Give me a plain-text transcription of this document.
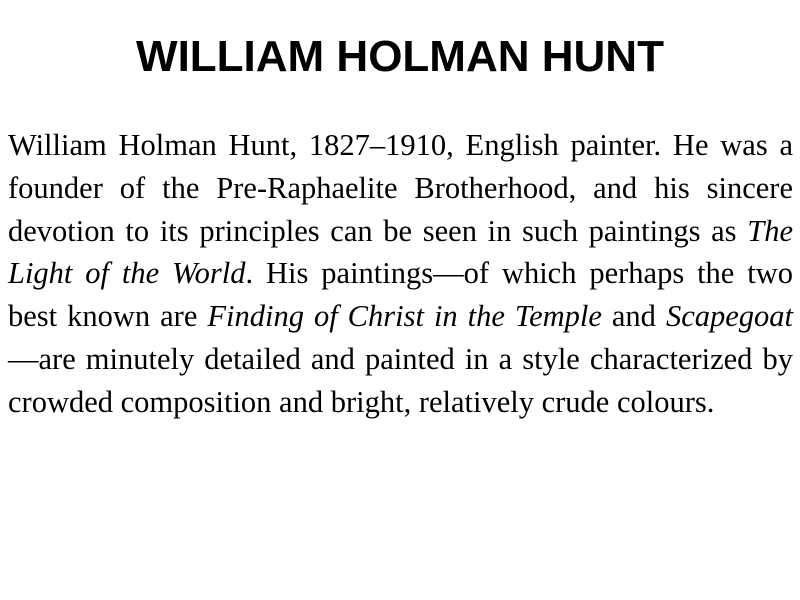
WILLIAM HOLMAN HUNT

William Holman Hunt, 1827–1910, English painter. He was a founder of the Pre-Raphaelite Brotherhood, and his sincere devotion to its principles can be seen in such paintings as The Light of the World. His paintings—of which perhaps the two best known are Finding of Christ in the Temple and Scapegoat—are minutely detailed and painted in a style characterized by crowded composition and bright, relatively crude colours.
